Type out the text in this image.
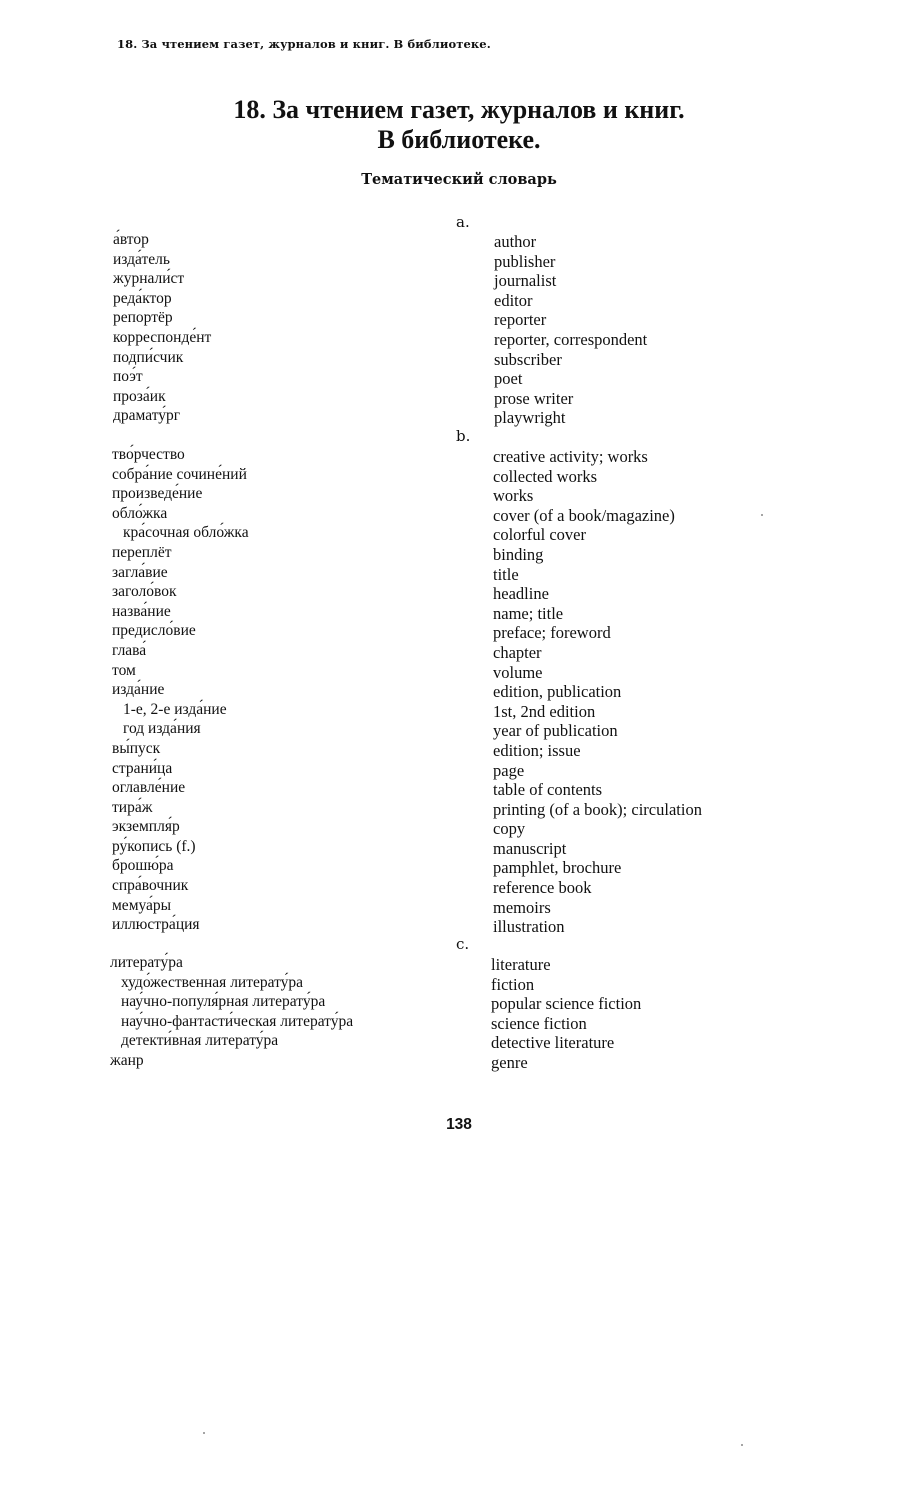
18. За чтением газет, журналов и книг. В библиотеке.
18. За чтением газет, журналов и книг.
В библиотеке.
Тематический словарь
a.
а́втор
изда́тель
журнали́ст
реда́ктор
репортёр
корреспонде́нт
подпи́счик
поэ́т
проза́ик
драмату́рг
author
publisher
journalist
editor
reporter
reporter, correspondent
subscriber
poet
prose writer
playwright
b.
тво́рчество
собра́ние сочине́ний
произведе́ние
обло́жка
кра́сочная обло́жка
переплёт
загла́вие
заголо́вок
назва́ние
предисло́вие
глава́
том
изда́ние
1-е, 2-е изда́ние
год изда́ния
вы́пуск
страни́ца
оглавле́ние
тира́ж
экземпля́р
ру́копись (f.)
брошю́ра
спра́вочник
мемуа́ры
иллюстра́ция
creative activity; works
collected works
works
cover (of a book/magazine)
colorful cover
binding
title
headline
name; title
preface; foreword
chapter
volume
edition, publication
1st, 2nd edition
year of publication
edition; issue
page
table of contents
printing (of a book); circulation
copy
manuscript
pamphlet, brochure
reference book
memoirs
illustration
c.
литерату́ра
худо́жественная литерату́ра
нау́чно-популя́рная литерату́ра
нау́чно-фантасти́ческая литерату́ра
детекти́вная литерату́ра
жанр
literature
fiction
popular science fiction
science fiction
detective literature
genre
138
